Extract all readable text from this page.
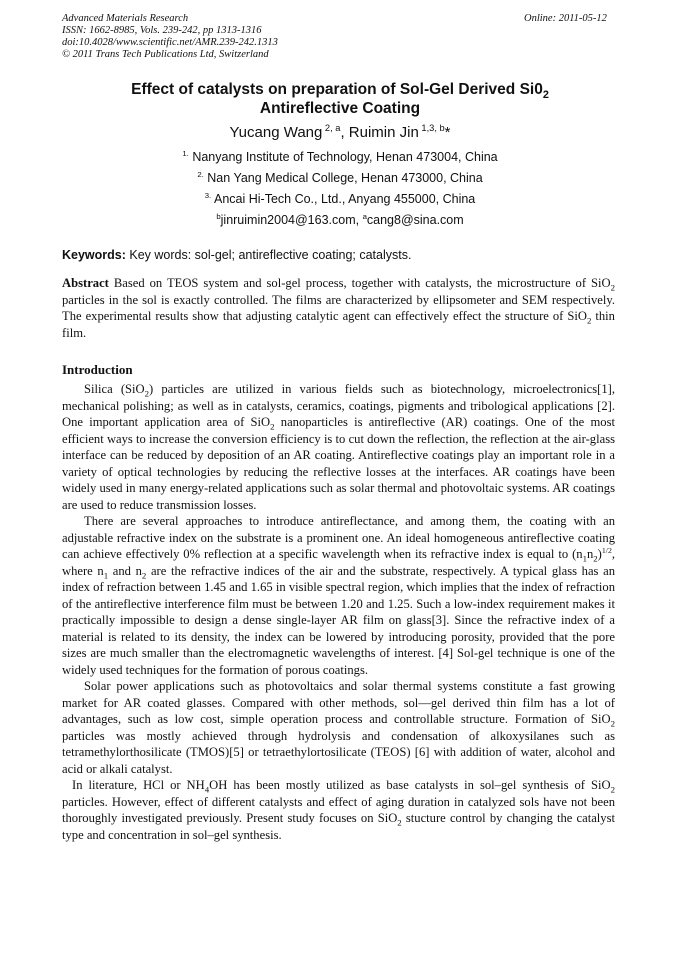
Advanced Materials Research
ISSN: 1662-8985, Vols. 239-242, pp 1313-1316
doi:10.4028/www.scientific.net/AMR.239-242.1313
© 2011 Trans Tech Publications Ltd, Switzerland
Online: 2011-05-12
Effect of catalysts on preparation of Sol-Gel Derived $Si0_2$
Antireflective Coating
Yucang Wang $^{2, a}$, Ruimin Jin $^{1,3, b}$*
$^{1.}$ Nanyang Institute of Technology, Henan 473004, China
$^{2.}$ Nan Yang Medical College, Henan 473000, China
$^{3.}$ Ancai Hi-Tech Co., Ltd., Anyang 455000, China
$^b$jinruimin2004@163.com, $^a$cang8@sina.com
Keywords: Key words: sol-gel; antireflective coating; catalysts.

Abstract Based on TEOS system and sol-gel process, together with catalysts, the microstructure of SiO$_2$ particles in the sol is exactly controlled. The films are characterized by ellipsometer and SEM respectively. The experimental results show that adjusting catalytic agent can effectively effect the structure of SiO$_2$ thin film.

Introduction

Silica (SiO$_2$) particles are utilized in various fields such as biotechnology, microelectronics[1], mechanical polishing; as well as in catalysts, ceramics, coatings, pigments and tribological applications [2]. One important application area of SiO$_2$ nanoparticles is antireflective (AR) coatings. One of the most efficient ways to increase the conversion efficiency is to cut down the reflection, the reflection at the air-glass interface can be reduced by deposition of an AR coating. Antireflective coatings play an important role in a variety of optical technologies by reducing the reflective losses at the interfaces. AR coatings have been widely used in many energy-related applications such as solar thermal and photovoltaic systems. AR coatings are used to reduce transmission losses.

There are several approaches to introduce antireflectance, and among them, the coating with an adjustable refractive index on the substrate is a prominent one. An ideal homogeneous antireflective coating can achieve effectively 0% reflection at a specific wavelength when its refractive index is equal to $(n_1n_2)^{1/2}$, where $n_1$ and $n_2$ are the refractive indices of the air and the substrate, respectively. A typical glass has an index of refraction between 1.45 and 1.65 in visible spectral region, which implies that the index of refraction of the antireflective interference film must be between 1.20 and 1.25. Such a low-index requirement makes it practically impossible to design a dense single-layer AR film on glass[3]. Since the refractive index of a material is related to its density, the index can be lowered by introducing porosity, provided that the pore sizes are much smaller than the electromagnetic wavelengths of interest. [4] Sol-gel technique is one of the widely used techniques for the formation of porous coatings.

Solar power applications such as photovoltaics and solar thermal systems constitute a fast growing market for AR coated glasses. Compared with other methods, sol—gel derived thin film has a lot of advantages, such as low cost, simple operation process and controllable structure. Formation of SiO$_2$ particles was mostly achieved through hydrolysis and condensation of alkoxysilanes such as tetramethylorthosilicate (TMOS)[5] or tetraethylortosilicate (TEOS) [6] with addition of water, alcohol and acid or alkali catalyst.

In literature, HCl or $NH_4OH$ has been mostly utilized as base catalysts in sol–gel synthesis of SiO$_2$ particles. However, effect of different catalysts and effect of aging duration in catalyzed sols have not been thoroughly investigated previously. Present study focuses on SiO$_2$ stucture control by changing the catalyst type and concentration in sol–gel synthesis.
